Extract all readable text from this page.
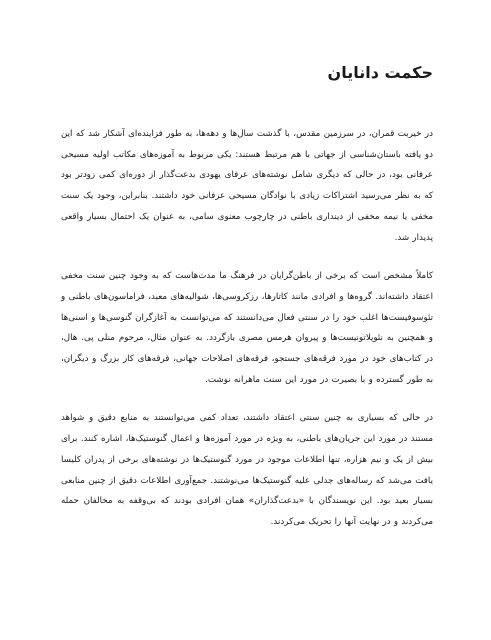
حکمت دانایان

در خیربت قمران، در سرزمین مقدس، با گذشت سال‌ها و دهه‌ها، به طور فزاینده‌ای آشکار شد که این دو یافته باستان‌شناسی از جهاتی با هم مرتبط هستند: یکی مربوط به آموزه‌های مکاتب اولیه مسیحی عرفانی بود، در حالی که دیگری شامل نوشته‌های عرفای یهودی بدعت‌گذار از دوره‌ای کمی زودتر بود که به نظر می‌رسید اشتراکات زیادی با نوادگان مسیحی عرفانی خود داشتند. بنابراین، وجود یک سنت مخفی یا نیمه مخفی از دینداری باطنی در چارچوب معنوی سامی، به عنوان یک احتمال بسیار واقعی پدیدار شد.

کاملاً مشخص است که برخی از باطن‌گرایان در فرهنگ ما مدت‌هاست که به وجود چنین سنت مخفی اعتقاد داشته‌اند. گروه‌ها و افرادی مانند کاتارها، رزکروسی‌ها، شوالیه‌های معبد، فراماسون‌های باطنی و تئوسوفیست‌ها اغلب خود را در سنتی فعال می‌دانستند که می‌توانست به آغازگران گنوسی‌ها و اسنی‌ها و همچنین به نئوپلاتونیست‌ها و پیروان هرمس مصری بازگردد. به عنوان مثال، مرحوم منلی پی. هال، در کتاب‌های خود در مورد فرقه‌های جستجو، فرقه‌های اصلاحات جهانی، فرقه‌های کار بزرگ و دیگران، به طور گسترده و با بصیرت در مورد این سنت ماهرانه نوشت.

در حالی که بسیاری به چنین سنتی اعتقاد داشتند، تعداد کمی می‌توانستند به منابع دقیق و شواهد مستند در مورد این جریان‌های باطنی، به ویژه در مورد آموزه‌ها و اعمال گنوستیک‌ها، اشاره کنند. برای بیش از یک و نیم هزاره، تنها اطلاعات موجود در مورد گنوستیک‌ها در نوشته‌های برخی از پدران کلیسا یافت می‌شد که رساله‌های جدلی علیه گنوستیک‌ها می‌نوشتند. جمع‌آوری اطلاعات دقیق از چنین منابعی بسیار بعید بود. این نویسندگان با «بدعت‌گذاران» همان افرادی بودند که بی‌وقفه به مخالفان حمله می‌کردند و در نهایت آنها را تحریک می‌کردند.
